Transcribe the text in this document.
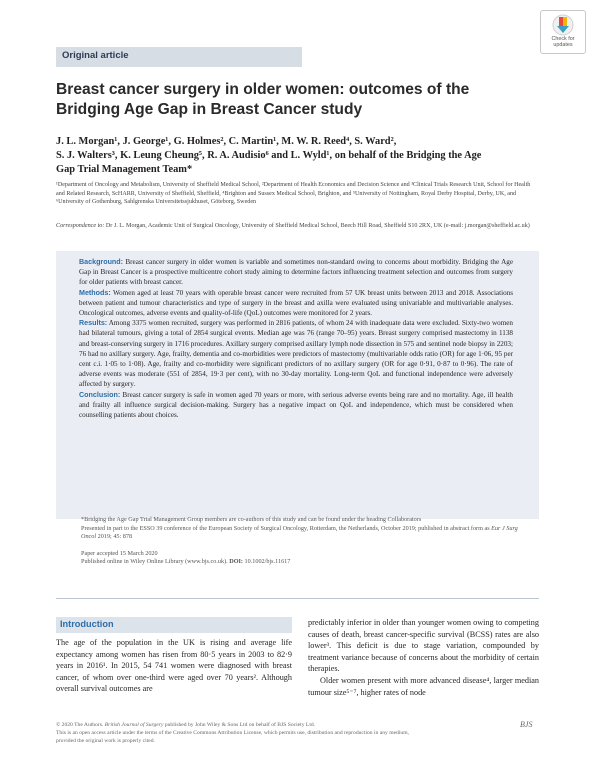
Original article
Check for
updates
Breast cancer surgery in older women: outcomes of the Bridging Age Gap in Breast Cancer study
J. L. Morgan¹, J. George¹, G. Holmes², C. Martin¹, M. W. R. Reed⁴, S. Ward²,
S. J. Walters³, K. Leung Cheung⁵, R. A. Audisio⁶ and L. Wyld¹, on behalf of the Bridging the Age
Gap Trial Management Team*
¹Department of Oncology and Metabolism, University of Sheffield Medical School, ²Department of Health Economics and Decision Science and ³Clinical Trials Research Unit, School for Health and Related Research, ScHARR, University of Sheffield, Sheffield, ⁴Brighton and Sussex Medical School, Brighton, and ⁵University of Nottingham, Royal Derby Hospital, Derby, UK, and ⁶University of Gothenburg, Sahlgrenska Universitetssjukhuset, Göteborg, Sweden
Correspondence to: Dr J. L. Morgan, Academic Unit of Surgical Oncology, University of Sheffield Medical School, Beech Hill Road, Sheffield S10 2RX, UK (e-mail: j.morgan@sheffield.ac.uk)

Background: Breast cancer surgery in older women is variable and sometimes non-standard owing to concerns about morbidity. Bridging the Age Gap in Breast Cancer is a prospective multicentre cohort study aiming to determine factors influencing treatment selection and outcomes from surgery for older patients with breast cancer.

Methods: Women aged at least 70 years with operable breast cancer were recruited from 57 UK breast units between 2013 and 2018. Associations between patient and tumour characteristics and type of surgery in the breast and axilla were evaluated using univariable and multivariable analyses. Oncological outcomes, adverse events and quality-of-life (QoL) outcomes were monitored for 2 years.

Results: Among 3375 women recruited, surgery was performed in 2816 patients, of whom 24 with inadequate data were excluded. Sixty-two women had bilateral tumours, giving a total of 2854 surgical events. Median age was 76 (range 70–95) years. Breast surgery comprised mastectomy in 1138 and breast-conserving surgery in 1716 procedures. Axillary surgery comprised axillary lymph node dissection in 575 and sentinel node biopsy in 2203; 76 had no axillary surgery. Age, frailty, dementia and co-morbidities were predictors of mastectomy (multivariable odds ratio (OR) for age 1·06, 95 per cent c.i. 1·05 to 1·08). Age, frailty and co-morbidity were significant predictors of no axillary surgery (OR for age 0·91, 0·87 to 0·96). The rate of adverse events was moderate (551 of 2854, 19·3 per cent), with no 30-day mortality. Long-term QoL and functional independence were adversely affected by surgery.

Conclusion: Breast cancer surgery is safe in women aged 70 years or more, with serious adverse events being rare and no mortality. Age, ill health and frailty all influence surgical decision-making. Surgery has a negative impact on QoL and independence, which must be considered when counselling patients about choices.

*Bridging the Age Gap Trial Management Group members are co-authors of this study and can be found under the heading Collaborators

Presented in part to the ESSO 39 conference of the European Society of Surgical Oncology, Rotterdam, the Netherlands, October 2019; published in abstract form as Eur J Surg Oncol 2019; 45: 878

Paper accepted 15 March 2020

Published online in Wiley Online Library (www.bjs.co.uk). DOI: 10.1002/bjs.11617

Introduction
The age of the population in the UK is rising and average life expectancy among women has risen from 80·5 years in 2003 to 82·9 years in 2016¹. In 2015, 54 741 women were diagnosed with breast cancer, of whom over one-third were aged over 70 years². Although overall survival outcomes are

predictably inferior in older than younger women owing to competing causes of death, breast cancer-specific survival (BCSS) rates are also lower³. This deficit is due to stage variation, compounded by treatment variance because of concerns about the morbidity of certain therapies.

Older women present with more advanced disease⁴, larger median tumour size⁵⁻⁷, higher rates of node

© 2020 The Authors. British Journal of Surgery published by John Wiley & Sons Ltd on behalf of BJS Society Ltd.
This is an open access article under the terms of the Creative Commons Attribution License, which permits use, distribution and reproduction in any medium,
provided the original work is properly cited.
BJS
